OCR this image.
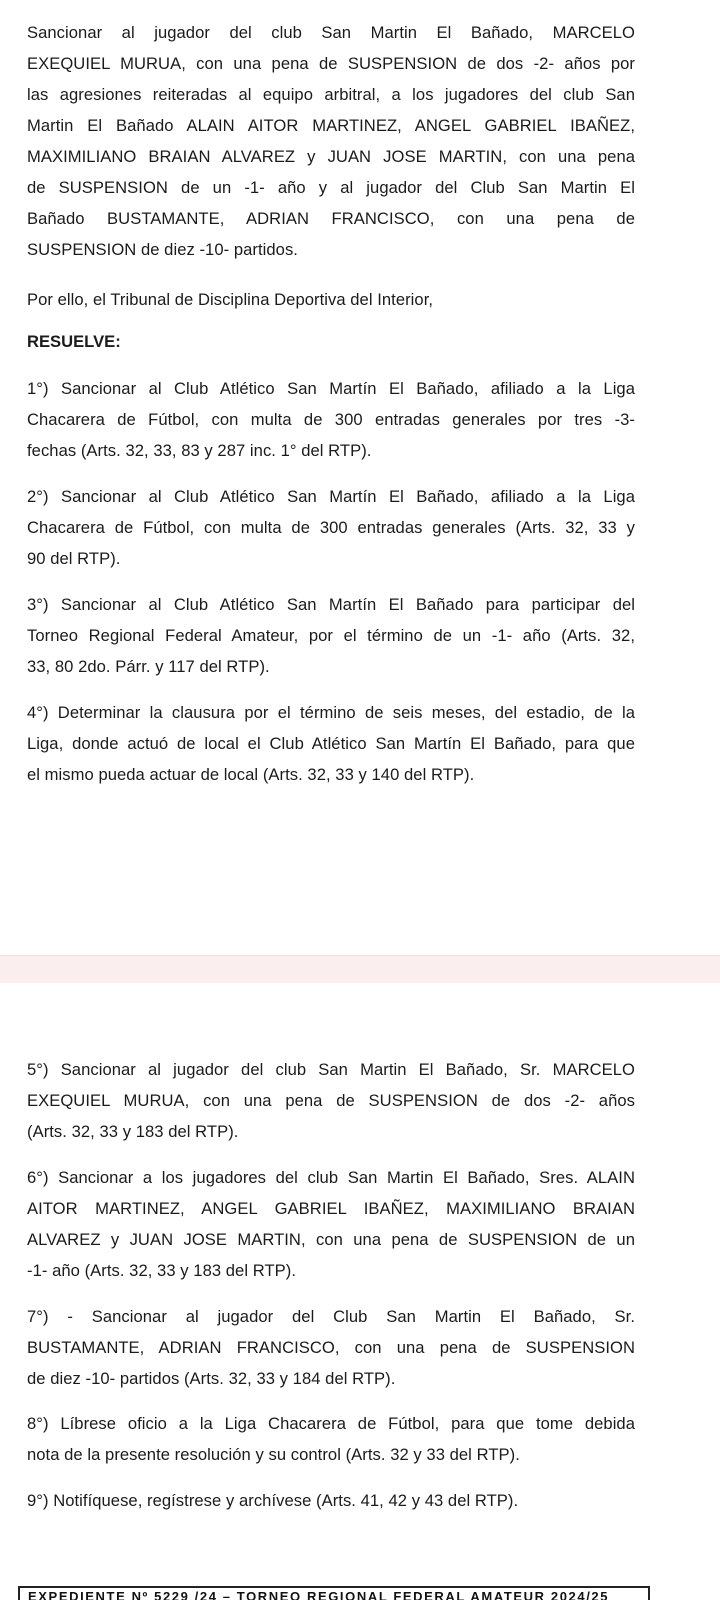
Sancionar al jugador del club San Martin El Bañado, MARCELO
EXEQUIEL MURUA, con una pena de SUSPENSION de dos -2- años por
las agresiones reiteradas al equipo arbitral, a los jugadores del club San
Martin El Bañado ALAIN AITOR MARTINEZ, ANGEL GABRIEL IBAÑEZ,
MAXIMILIANO BRAIAN ALVAREZ y JUAN JOSE MARTIN, con una pena
de SUSPENSION de un -1- año y al jugador del Club San Martin El
Bañado BUSTAMANTE, ADRIAN FRANCISCO, con una pena de
SUSPENSION de diez -10- partidos.

Por ello, el Tribunal de Disciplina Deportiva del Interior,

RESUELVE:

1°) Sancionar al Club Atlético San Martín El Bañado, afiliado a la Liga
Chacarera de Fútbol, con multa de 300 entradas generales por tres -3-
fechas (Arts. 32, 33, 83 y 287 inc. 1° del RTP).

2°) Sancionar al Club Atlético San Martín El Bañado, afiliado a la Liga
Chacarera de Fútbol, con multa de 300 entradas generales (Arts. 32, 33 y
90 del RTP).

3°) Sancionar al Club Atlético San Martín El Bañado para participar del
Torneo Regional Federal Amateur, por el término de un -1- año (Arts. 32,
33, 80 2do. Párr. y 117 del RTP).

4°) Determinar la clausura por el término de seis meses, del estadio, de la
Liga, donde actuó de local el Club Atlético San Martín El Bañado, para que
el mismo pueda actuar de local (Arts. 32, 33 y 140 del RTP).

5°) Sancionar al jugador del club San Martin El Bañado, Sr. MARCELO
EXEQUIEL MURUA, con una pena de SUSPENSION de dos -2- años
(Arts. 32, 33 y 183 del RTP).

6°) Sancionar a los jugadores del club San Martin El Bañado, Sres. ALAIN
AITOR MARTINEZ, ANGEL GABRIEL IBAÑEZ, MAXIMILIANO BRAIAN
ALVAREZ y JUAN JOSE MARTIN, con una pena de SUSPENSION de un
-1- año (Arts. 32, 33 y 183 del RTP).

7°) - Sancionar al jugador del Club San Martin El Bañado, Sr.
BUSTAMANTE, ADRIAN FRANCISCO, con una pena de SUSPENSION
de diez -10- partidos (Arts. 32, 33 y 184 del RTP).

8°) Líbrese oficio a la Liga Chacarera de Fútbol, para que tome debida
nota de la presente resolución y su control (Arts. 32 y 33 del RTP).

9°) Notifíquese, regístrese y archívese (Arts. 41, 42 y 43 del RTP).

EXPEDIENTE Nº 5229 /24 – TORNEO REGIONAL FEDERAL AMATEUR 2024/25
